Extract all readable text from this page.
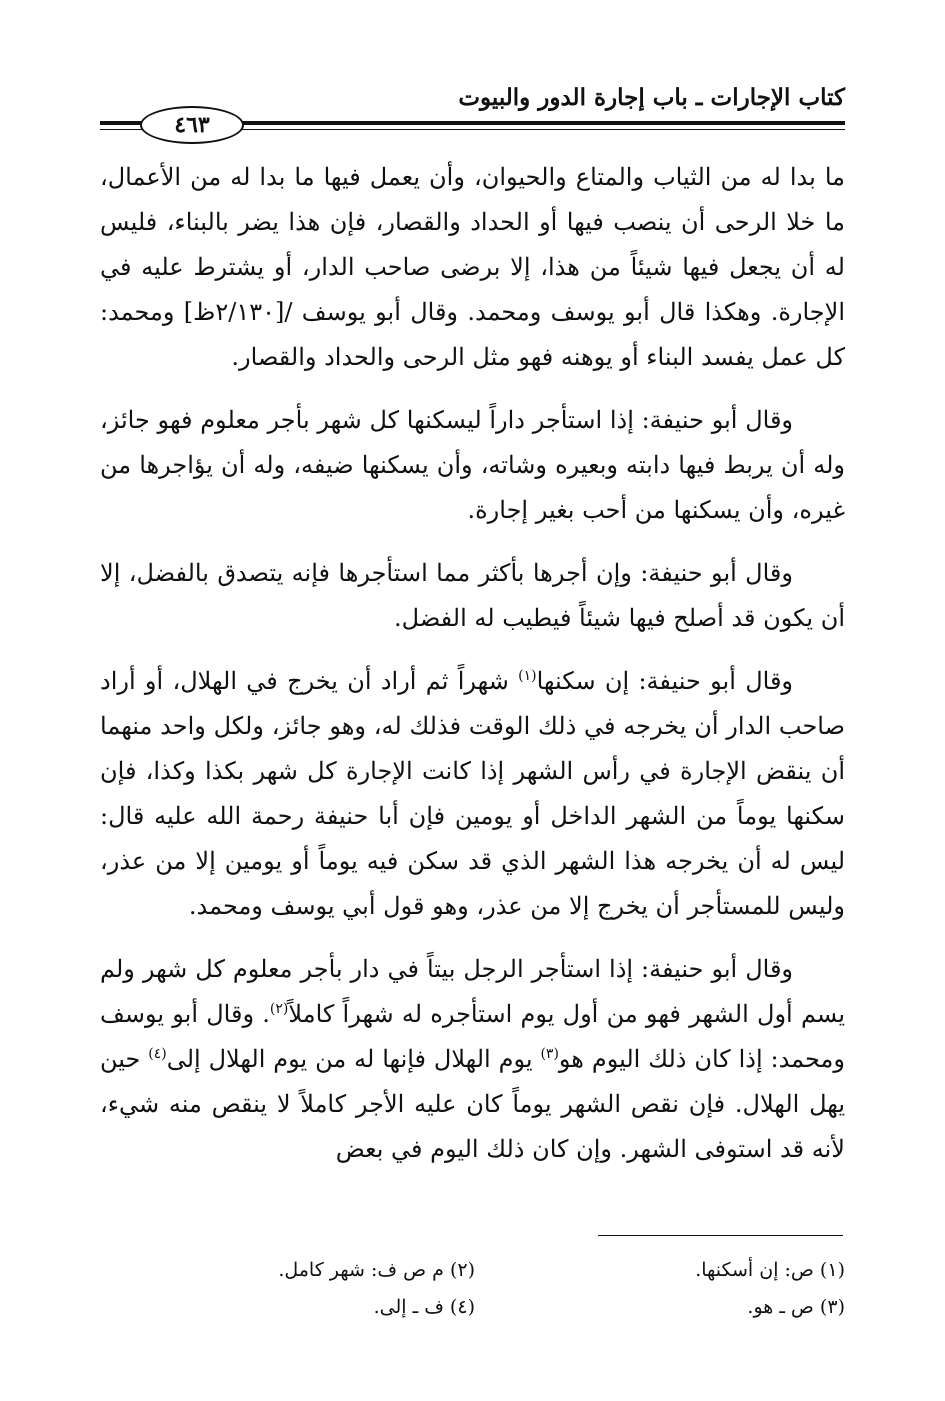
كتاب الإجارات ـ باب إجارة الدور والبيوت
٤٦٣

ما بدا له من الثياب والمتاع والحيوان، وأن يعمل فيها ما بدا له من الأعمال، ما خلا الرحى أن ينصب فيها أو الحداد والقصار، فإن هذا يضر بالبناء، فليس له أن يجعل فيها شيئاً من هذا، إلا برضى صاحب الدار، أو يشترط عليه في الإجارة. وهكذا قال أبو يوسف ومحمد. وقال أبو يوسف /[٢/١٣٠ظ] ومحمد: كل عمل يفسد البناء أو يوهنه فهو مثل الرحى والحداد والقصار.

وقال أبو حنيفة: إذا استأجر داراً ليسكنها كل شهر بأجر معلوم فهو جائز، وله أن يربط فيها دابته وبعيره وشاته، وأن يسكنها ضيفه، وله أن يؤاجرها من غيره، وأن يسكنها من أحب بغير إجارة.

وقال أبو حنيفة: وإن أجرها بأكثر مما استأجرها فإنه يتصدق بالفضل، إلا أن يكون قد أصلح فيها شيئاً فيطيب له الفضل.

وقال أبو حنيفة: إن سكنها$^{(١)}$ شهراً ثم أراد أن يخرج في الهلال، أو أراد صاحب الدار أن يخرجه في ذلك الوقت فذلك له، وهو جائز، ولكل واحد منهما أن ينقض الإجارة في رأس الشهر إذا كانت الإجارة كل شهر بكذا وكذا، فإن سكنها يوماً من الشهر الداخل أو يومين فإن أبا حنيفة رحمة الله عليه قال: ليس له أن يخرجه هذا الشهر الذي قد سكن فيه يوماً أو يومين إلا من عذر، وليس للمستأجر أن يخرج إلا من عذر، وهو قول أبي يوسف ومحمد.

وقال أبو حنيفة: إذا استأجر الرجل بيتاً في دار بأجر معلوم كل شهر ولم يسم أول الشهر فهو من أول يوم استأجره له شهراً كاملاً$^{(٢)}$. وقال أبو يوسف ومحمد: إذا كان ذلك اليوم هو$^{(٣)}$ يوم الهلال فإنها له من يوم الهلال إلى$^{(٤)}$ حين يهل الهلال. فإن نقص الشهر يوماً كان عليه الأجر كاملاً لا ينقص منه شيء، لأنه قد استوفى الشهر. وإن كان ذلك اليوم في بعض

(١) ص: إن أسكنها.
(٢) م ص ف: شهر كامل.
(٣) ص ـ هو.
(٤) ف ـ إلى.
